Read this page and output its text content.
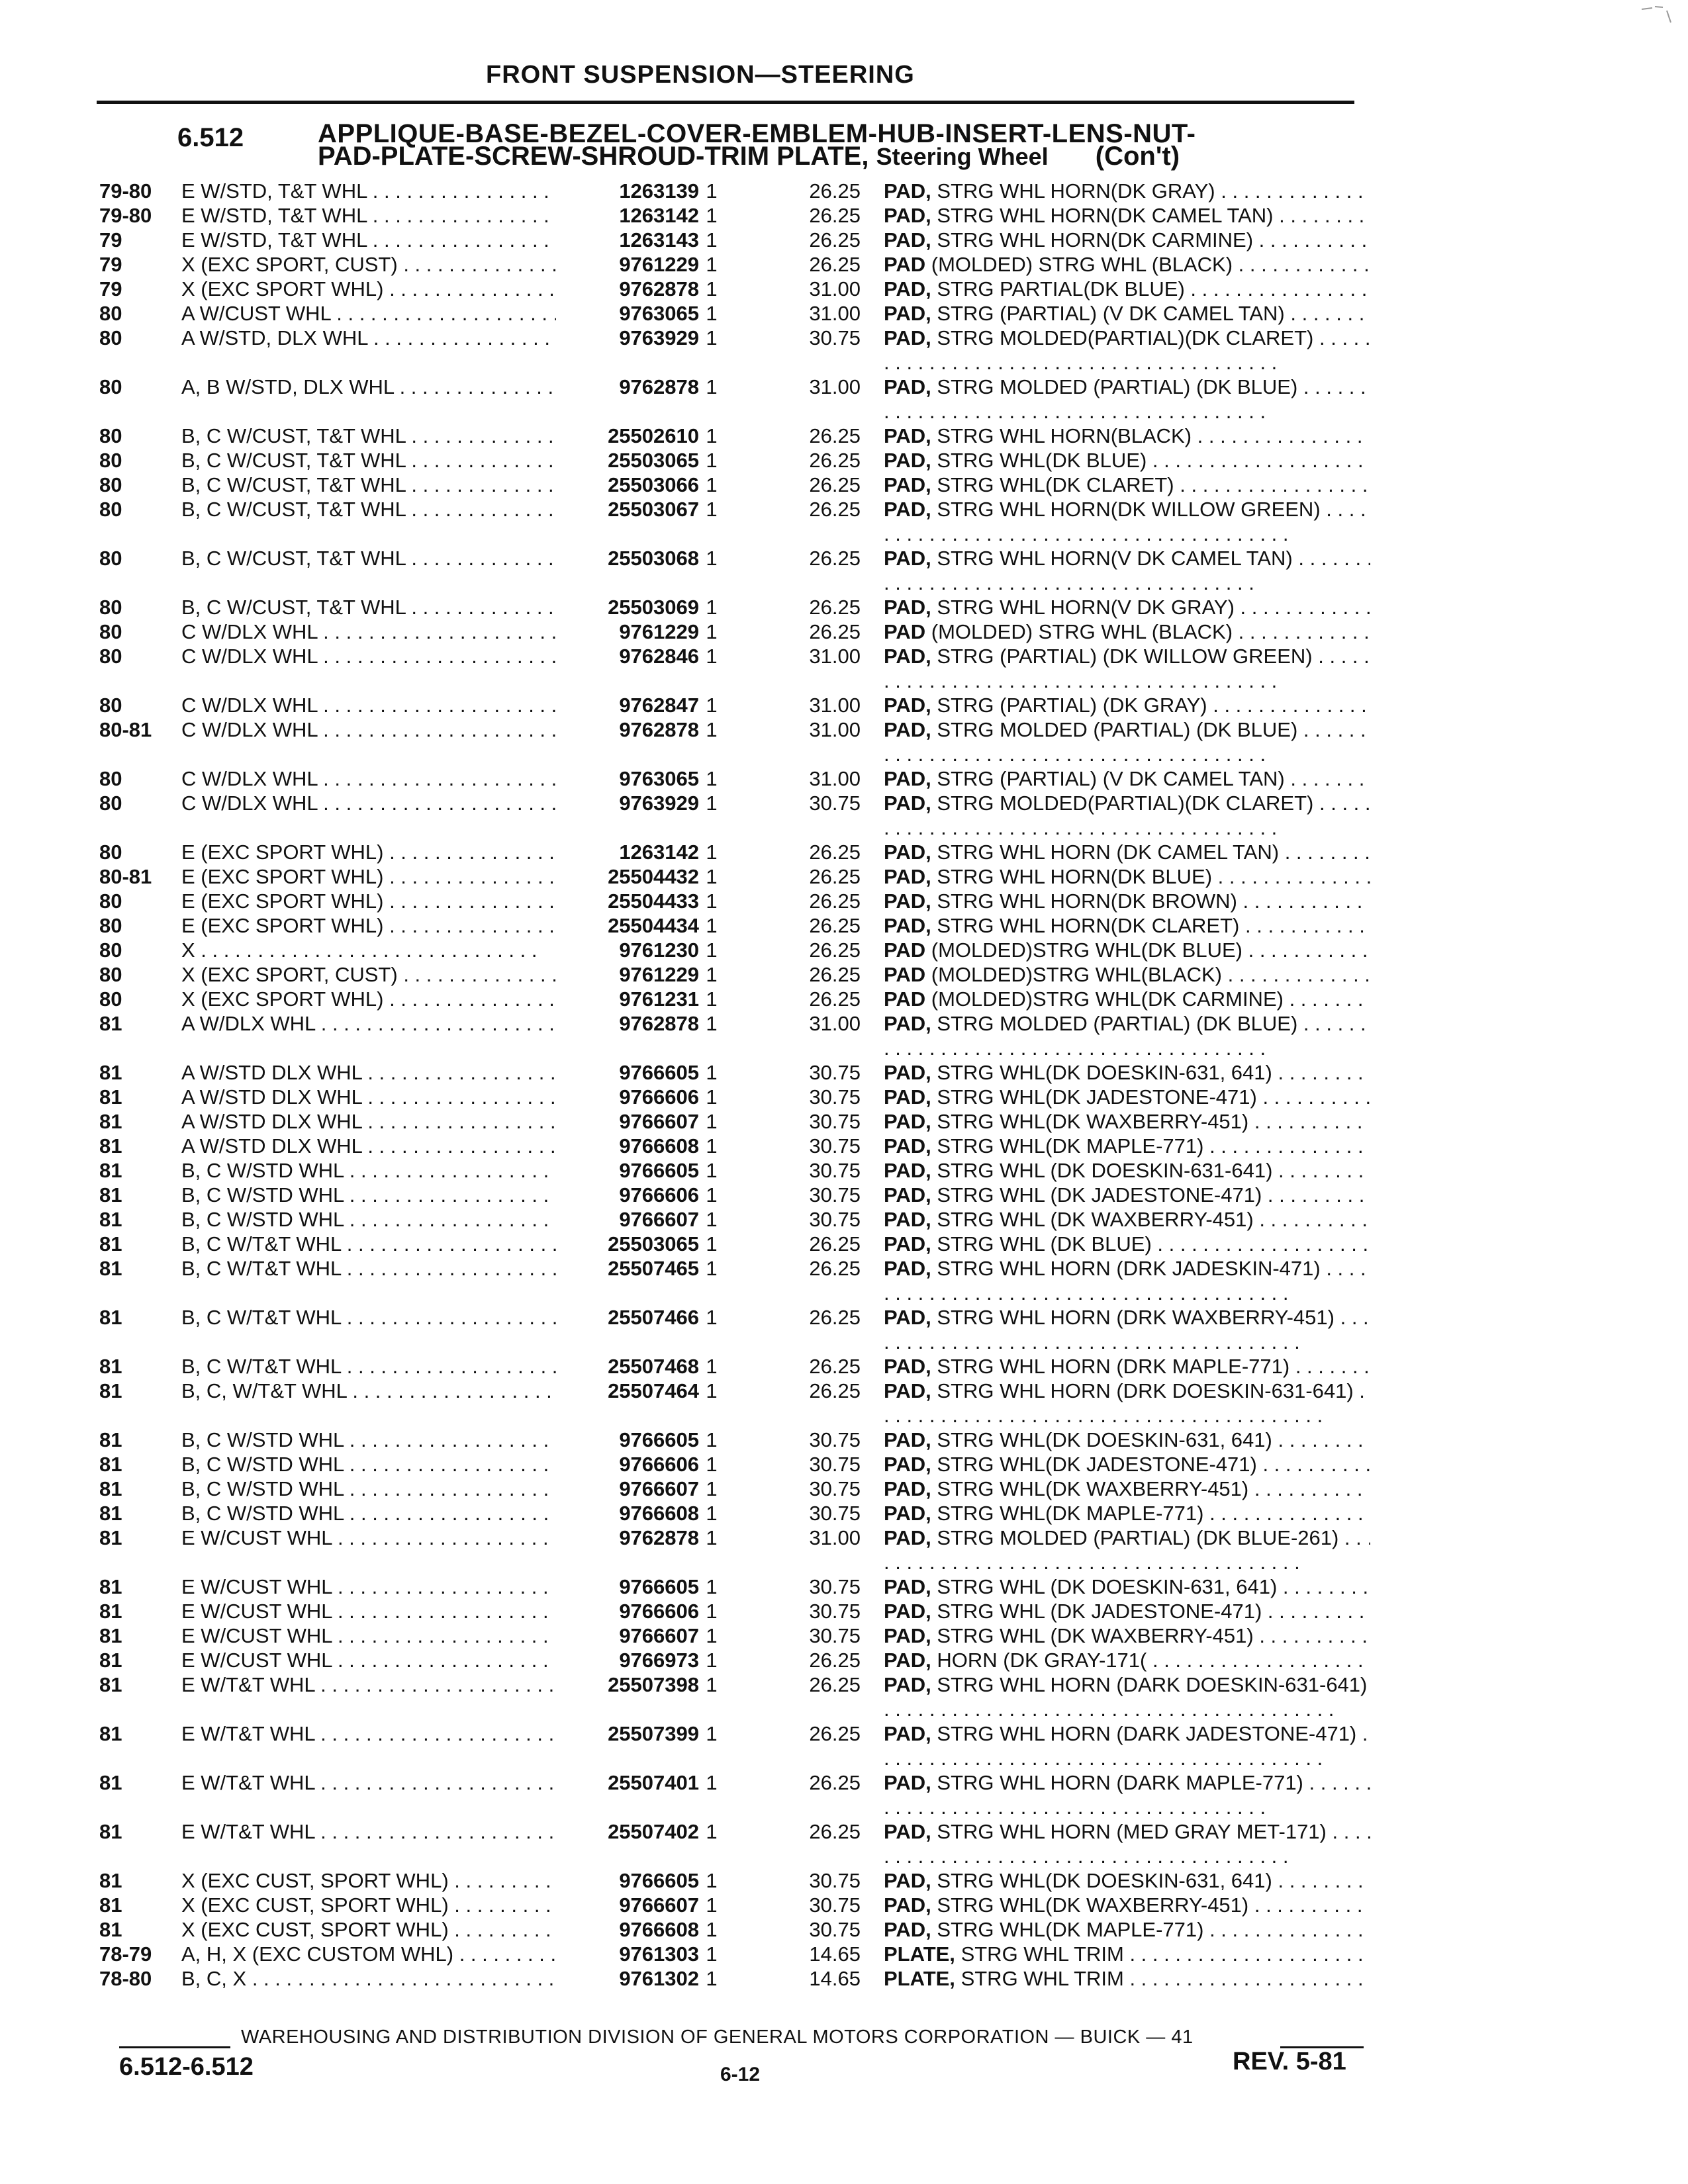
FRONT SUSPENSION—STEERING
6.512	APPLIQUE-BASE-BEZEL-COVER-EMBLEM-HUB-INSERT-LENS-NUT-
PAD-PLATE-SCREW-SHROUD-TRIM PLATE, Steering Wheel (Con't)
79-80	E W/STD, T&T WHL . . .	1263139 1	26.25 PAD, STRG WHL HORN(DK GRAY) . . .
79-80	E W/STD, T&T WHL . . .	1263142 1	26.25 PAD, STRG WHL HORN(DK CAMEL TAN) . . .
79	E W/STD, T&T WHL . . .	1263143 1	26.25 PAD, STRG WHL HORN(DK CARMINE) . . .
79	X (EXC SPORT, CUST) . . .	9761229 1	26.25 PAD (MOLDED) STRG WHL (BLACK) . . .
79	X (EXC SPORT WHL) . . .	9762878 1	31.00 PAD, STRG PARTIAL(DK BLUE) . . .
80	A W/CUST WHL . . .	9763065 1	31.00 PAD, STRG (PARTIAL) (V DK CAMEL TAN) . . .
80	A W/STD, DLX WHL . . .	9763929 1	30.75 PAD, STRG MOLDED(PARTIAL)(DK CLARET) . . .
80	A, B W/STD, DLX WHL . . .	9762878 1	31.00 PAD, STRG MOLDED (PARTIAL) (DK BLUE) . . .
80	B, C W/CUST, T&T WHL . . .	25502610 1	26.25 PAD, STRG WHL HORN(BLACK) . . .
80	B, C W/CUST, T&T WHL . . .	25503065 1	26.25 PAD, STRG WHL(DK BLUE) . . .
80	B, C W/CUST, T&T WHL . . .	25503066 1	26.25 PAD, STRG WHL(DK CLARET) . . .
80	B, C W/CUST, T&T WHL . . .	25503067 1	26.25 PAD, STRG WHL HORN(DK WILLOW GREEN) . . .
80	B, C W/CUST, T&T WHL . . .	25503068 1	26.25 PAD, STRG WHL HORN(V DK CAMEL TAN) . . .
80	B, C W/CUST, T&T WHL . . .	25503069 1	26.25 PAD, STRG WHL HORN(V DK GRAY) . . .
80	C W/DLX WHL . . .	9761229 1	26.25 PAD (MOLDED) STRG WHL (BLACK) . . .
80	C W/DLX WHL . . .	9762846 1	31.00 PAD, STRG (PARTIAL) (DK WILLOW GREEN) . . .
80	C W/DLX WHL . . .	9762847 1	31.00 PAD, STRG (PARTIAL) (DK GRAY) . . .
80-81	C W/DLX WHL . . .	9762878 1	31.00 PAD, STRG MOLDED (PARTIAL) (DK BLUE) . . .
80	C W/DLX WHL . . .	9763065 1	31.00 PAD, STRG (PARTIAL) (V DK CAMEL TAN) . . .
80	C W/DLX WHL . . .	9763929 1	30.75 PAD, STRG MOLDED(PARTIAL)(DK CLARET) . . .
80	E (EXC SPORT WHL) . . .	1263142 1	26.25 PAD, STRG WHL HORN (DK CAMEL TAN) . . .
80-81	E (EXC SPORT WHL) . . .	25504432 1	26.25 PAD, STRG WHL HORN(DK BLUE) . . .
80	E (EXC SPORT WHL) . . .	25504433 1	26.25 PAD, STRG WHL HORN(DK BROWN) . . .
80	E (EXC SPORT WHL) . . .	25504434 1	26.25 PAD, STRG WHL HORN(DK CLARET) . . .
80	X . . .	9761230 1	26.25 PAD (MOLDED)STRG WHL(DK BLUE) . . .
80	X (EXC SPORT, CUST) . . .	9761229 1	26.25 PAD (MOLDED)STRG WHL(BLACK) . . .
80	X (EXC SPORT WHL) . . .	9761231 1	26.25 PAD (MOLDED)STRG WHL(DK CARMINE) . . .
81	A W/DLX WHL . . .	9762878 1	31.00 PAD, STRG MOLDED (PARTIAL) (DK BLUE) . . .
81	A W/STD DLX WHL . . .	9766605 1	30.75 PAD, STRG WHL(DK DOESKIN-631, 641) . . .
81	A W/STD DLX WHL . . .	9766606 1	30.75 PAD, STRG WHL(DK JADESTONE-471) . . .
81	A W/STD DLX WHL . . .	9766607 1	30.75 PAD, STRG WHL(DK WAXBERRY-451) . . .
81	A W/STD DLX WHL . . .	9766608 1	30.75 PAD, STRG WHL(DK MAPLE-771) . . .
81	B, C W/STD WHL . . .	9766605 1	30.75 PAD, STRG WHL (DK DOESKIN-631-641) . . .
81	B, C W/STD WHL . . .	9766606 1	30.75 PAD, STRG WHL (DK JADESTONE-471) . . .
81	B, C W/STD WHL . . .	9766607 1	30.75 PAD, STRG WHL (DK WAXBERRY-451) . . .
81	B, C W/T&T WHL . . .	25503065 1	26.25 PAD, STRG WHL (DK BLUE) . . .
81	B, C W/T&T WHL . . .	25507465 1	26.25 PAD, STRG WHL HORN (DRK JADESKIN-471) . . .
81	B, C W/T&T WHL . . .	25507466 1	26.25 PAD, STRG WHL HORN (DRK WAXBERRY-451) . . .
81	B, C W/T&T WHL . . .	25507468 1	26.25 PAD, STRG WHL HORN (DRK MAPLE-771) . . .
81	B, C, W/T&T WHL . . .	25507464 1	26.25 PAD, STRG WHL HORN (DRK DOESKIN-631-641) . . .
81	B, C W/STD WHL . . .	9766605 1	30.75 PAD, STRG WHL(DK DOESKIN-631, 641) . . .
81	B, C W/STD WHL . . .	9766606 1	30.75 PAD, STRG WHL(DK JADESTONE-471) . . .
81	B, C W/STD WHL . . .	9766607 1	30.75 PAD, STRG WHL(DK WAXBERRY-451) . . .
81	B, C W/STD WHL . . .	9766608 1	30.75 PAD, STRG WHL(DK MAPLE-771) . . .
81	E W/CUST WHL . . .	9762878 1	31.00 PAD, STRG MOLDED (PARTIAL) (DK BLUE-261) . . .
81	E W/CUST WHL . . .	9766605 1	30.75 PAD, STRG WHL (DK DOESKIN-631, 641) . . .
81	E W/CUST WHL . . .	9766606 1	30.75 PAD, STRG WHL (DK JADESTONE-471) . . .
81	E W/CUST WHL . . .	9766607 1	30.75 PAD, STRG WHL (DK WAXBERRY-451) . . .
81	E W/CUST WHL . . .	9766973 1	26.25 PAD, HORN (DK GRAY-171( . . .
81	E W/T&T WHL . . .	25507398 1	26.25 PAD, STRG WHL HORN (DARK DOESKIN-631-641) . . .
81	E W/T&T WHL . . .	25507399 1	26.25 PAD, STRG WHL HORN (DARK JADESTONE-471) . . .
81	E W/T&T WHL . . .	25507401 1	26.25 PAD, STRG WHL HORN (DARK MAPLE-771) . . .
81	E W/T&T WHL . . .	25507402 1	26.25 PAD, STRG WHL HORN (MED GRAY MET-171) . . .
81	X (EXC CUST, SPORT WHL) . . .	9766605 1	30.75 PAD, STRG WHL(DK DOESKIN-631, 641) . . .
81	X (EXC CUST, SPORT WHL) . . .	9766607 1	30.75 PAD, STRG WHL(DK WAXBERRY-451) . . .
81	X (EXC CUST, SPORT WHL) . . .	9766608 1	30.75 PAD, STRG WHL(DK MAPLE-771) . . .
78-79	A, H, X (EXC CUSTOM WHL) . . .	9761303 1	14.65 PLATE, STRG WHL TRIM . . .
78-80	B, C, X . . .	9761302 1	14.65 PLATE, STRG WHL TRIM . . .
WAREHOUSING AND DISTRIBUTION DIVISION OF GENERAL MOTORS CORPORATION — BUICK — 41
6.512-6.512	6-12	REV. 5-81
